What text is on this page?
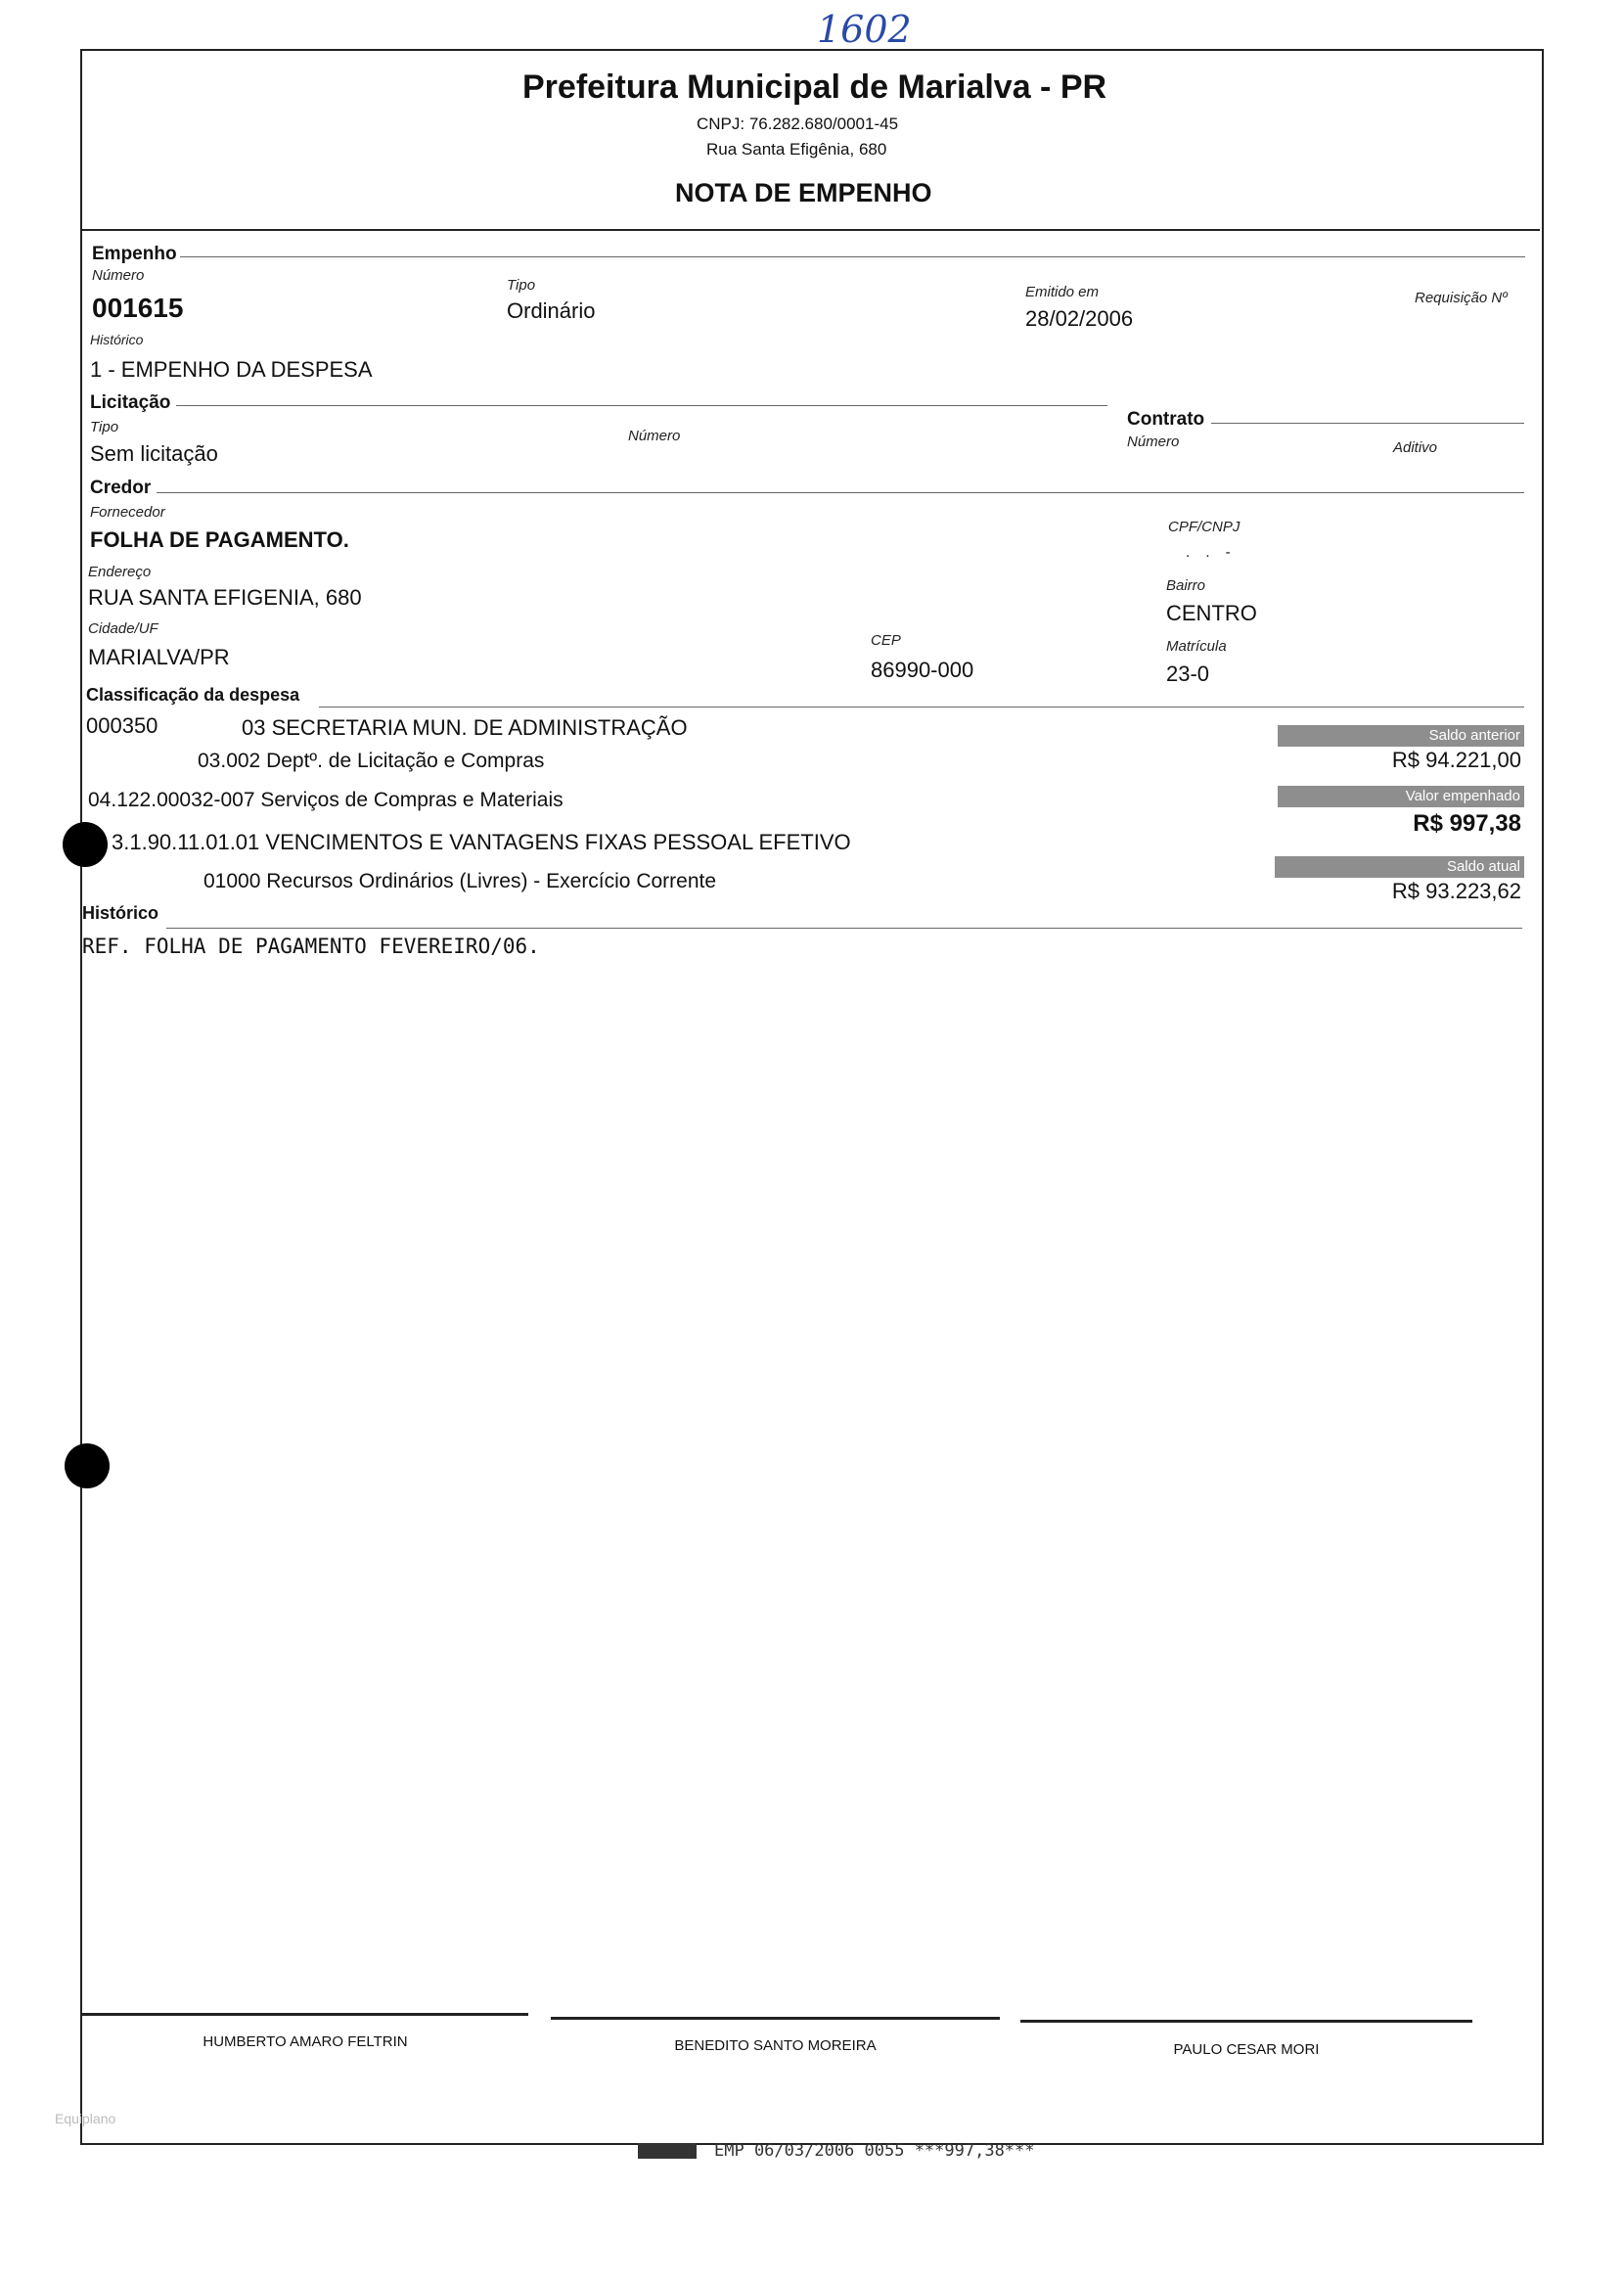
1602
Prefeitura Municipal de Marialva - PR
CNPJ: 76.282.680/0001-45
Rua Santa Efigênia, 680
NOTA DE EMPENHO
Empenho
Número
001615
Tipo
Ordinário
Emitido em
28/02/2006
Requisição Nº
Histórico
1 - EMPENHO DA DESPESA
Licitação
Tipo
Sem licitação
Número
Contrato
Número	Aditivo
Credor
Fornecedor
FOLHA DE PAGAMENTO.
CPF/CNPJ
. . -
Endereço
RUA SANTA EFIGENIA, 680	Bairro
CENTRO
Cidade/UF
MARIALVA/PR
CEP
86990-000
Matrícula
23-0
Classificação da despesa
000350	03 SECRETARIA MUN. DE ADMINISTRAÇÃO
03.002 Deptº. de Licitação e Compras
04.122.00032-007 Serviços de Compras e Materiais
3.1.90.11.01.01 VENCIMENTOS E VANTAGENS FIXAS PESSOAL EFETIVO
01000 Recursos Ordinários (Livres) - Exercício Corrente
Saldo anterior
R$ 94.221,00
Valor empenhado
R$ 997,38
Saldo atual
R$ 93.223,62
Histórico
REF. FOLHA DE PAGAMENTO FEVEREIRO/06.
HUMBERTO AMARO FELTRIN	BENEDITO SANTO MOREIRA	PAULO CESAR MORI
Equiplano
EMP 06/03/2006 0055 ***997,38***
